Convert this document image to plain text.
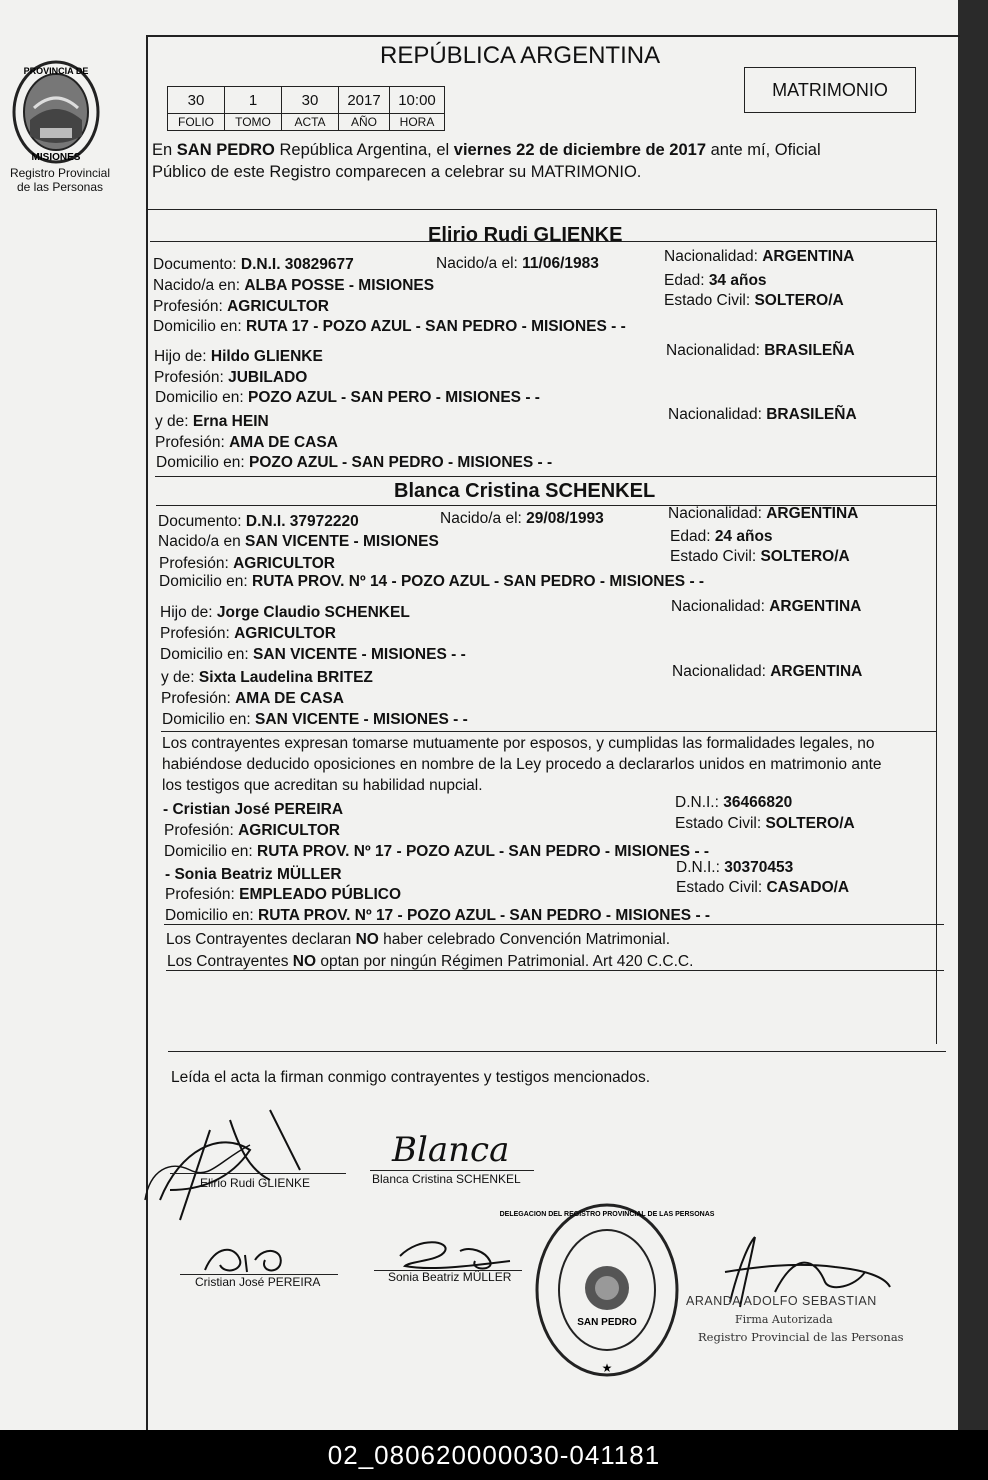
PROVINCIA DE
MISIONES
Registro Provincial
de las Personas
REPÚBLICA ARGENTINA
30	1	30	2017	10:00
FOLIO	TOMO	ACTA	AÑO	HORA
MATRIMONIO
En SAN PEDRO República Argentina, el viernes 22 de diciembre de 2017 ante mí, Oficial
Público de este Registro comparecen a celebrar su MATRIMONIO.
Elirio Rudi GLIENKE
Documento: D.N.I. 30829677	Nacido/a el: 11/06/1983	Nacionalidad: ARGENTINA
Nacido/a en: ALBA POSSE - MISIONES	Edad: 34 años
Profesión: AGRICULTOR	Estado Civil: SOLTERO/A
Domicilio en: RUTA 17 - POZO AZUL - SAN PEDRO - MISIONES - -
Hijo de: Hildo GLIENKE	Nacionalidad: BRASILEÑA
Profesión: JUBILADO
Domicilio en: POZO AZUL - SAN PERO - MISIONES - -
y de: Erna HEIN	Nacionalidad: BRASILEÑA
Profesión: AMA DE CASA
Domicilio en: POZO AZUL - SAN PEDRO - MISIONES - -
Blanca Cristina SCHENKEL
Documento: D.N.I. 37972220	Nacido/a el: 29/08/1993	Nacionalidad: ARGENTINA
Nacido/a en SAN VICENTE - MISIONES	Edad: 24 años
Profesión: AGRICULTOR	Estado Civil: SOLTERO/A
Domicilio en: RUTA PROV. Nº 14 - POZO AZUL - SAN PEDRO - MISIONES - -
Hijo de: Jorge Claudio SCHENKEL	Nacionalidad: ARGENTINA
Profesión: AGRICULTOR
Domicilio en: SAN VICENTE - MISIONES - -
y de: Sixta Laudelina BRITEZ	Nacionalidad: ARGENTINA
Profesión: AMA DE CASA
Domicilio en: SAN VICENTE - MISIONES - -
Los contrayentes expresan tomarse mutuamente por esposos, y cumplidas las formalidades legales, no
habiéndose deducido oposiciones en nombre de la Ley procedo a declararlos unidos en matrimonio ante
los testigos que acreditan su habilidad nupcial.
- Cristian José PEREIRA	D.N.I.: 36466820
Profesión: AGRICULTOR	Estado Civil: SOLTERO/A
Domicilio en: RUTA PROV. Nº 17 - POZO AZUL - SAN PEDRO - MISIONES - -
- Sonia Beatriz MÜLLER	D.N.I.: 30370453
Profesión: EMPLEADO PÚBLICO	Estado Civil: CASADO/A
Domicilio en: RUTA PROV. Nº 17 - POZO AZUL - SAN PEDRO - MISIONES - -
Los Contrayentes declaran NO haber celebrado Convención Matrimonial.
Los Contrayentes NO optan por ningún Régimen Patrimonial. Art 420 C.C.C.
Leída el acta la firman conmigo contrayentes y testigos mencionados.
Elirio Rudi GLIENKE
Blanca
Blanca Cristina SCHENKEL
Cristian José PEREIRA	Sonia Beatriz MÜLLER
SAN PEDRO
DELEGACION DEL REGISTRO PROVINCIAL DE LAS PERSONAS
★
ARANDA ADOLFO SEBASTIAN
Firma Autorizada
Registro Provincial de las Personas
02_080620000030-041181
